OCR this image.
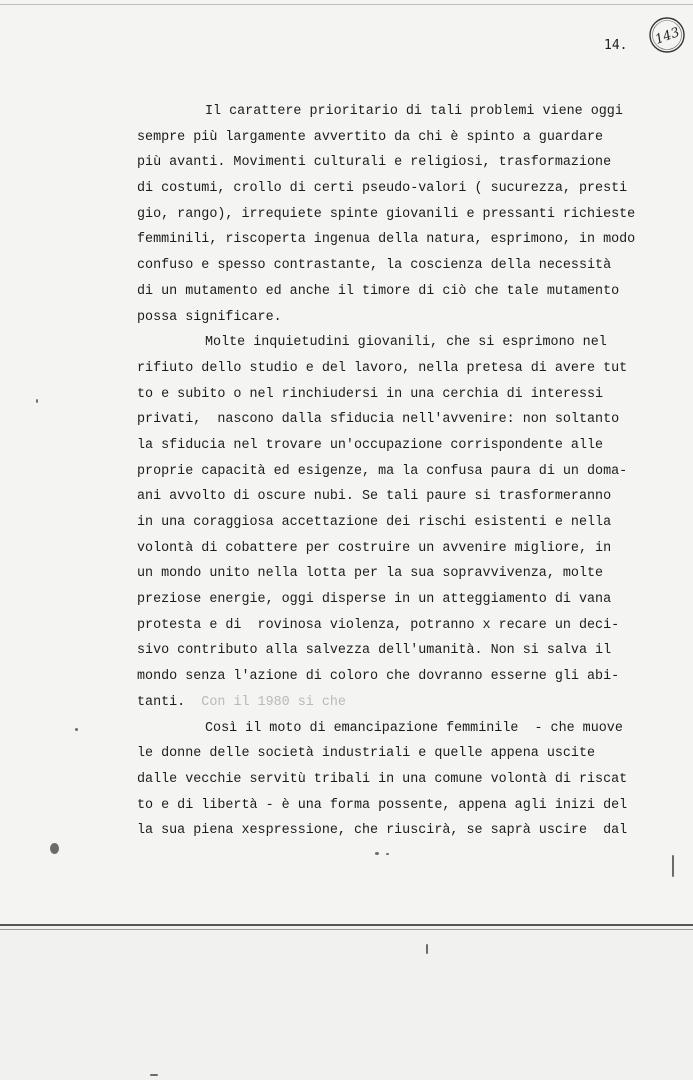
143
14.
Il carattere prioritario di tali problemi viene oggi
sempre più largamente avvertito da chi è spinto a guardare
più avanti. Movimenti culturali e religiosi, trasformazione
di costumi, crollo di certi pseudo-valori ( sucurezza, presti
gio, rango), irrequiete spinte giovanili e pressanti richieste
femminili, riscoperta ingenua della natura, esprimono, in modo
confuso e spesso contrastante, la coscienza della necessità
di un mutamento ed anche il timore di ciò che tale mutamento
possa significare.
Molte inquietudini giovanili, che si esprimono nel
rifiuto dello studio e del lavoro, nella pretesa di avere tut
to e subito o nel rinchiudersi in una cerchia di interessi
privati,  nascono dalla sfiducia nell'avvenire: non soltanto
la sfiducia nel trovare un'occupazione corrispondente alle
proprie capacità ed esigenze, ma la confusa paura di un doma-
ani avvolto di oscure nubi. Se tali paure si trasformeranno
in una coraggiosa accettazione dei rischi esistenti e nella
volontà di cobattere per costruire un avvenire migliore, in
un mondo unito nella lotta per la sua sopravvivenza, molte
preziose energie, oggi disperse in un atteggiamento di vana
protesta e di  rovinosa violenza, potranno x recare un deci-
sivo contributo alla salvezza dell'umanità. Non si salva il
mondo senza l'azione di coloro che dovranno esserne gli abi-
tanti. Con il 1980 si che
Così il moto di emancipazione femminile  - che muove
le donne delle società industriali e quelle appena uscite
dalle vecchie servitù tribali in una comune volontà di riscat
to e di libertà - è una forma possente, appena agli inizi del
la sua piena xespressione, che riuscirà, se saprà uscire  dal
